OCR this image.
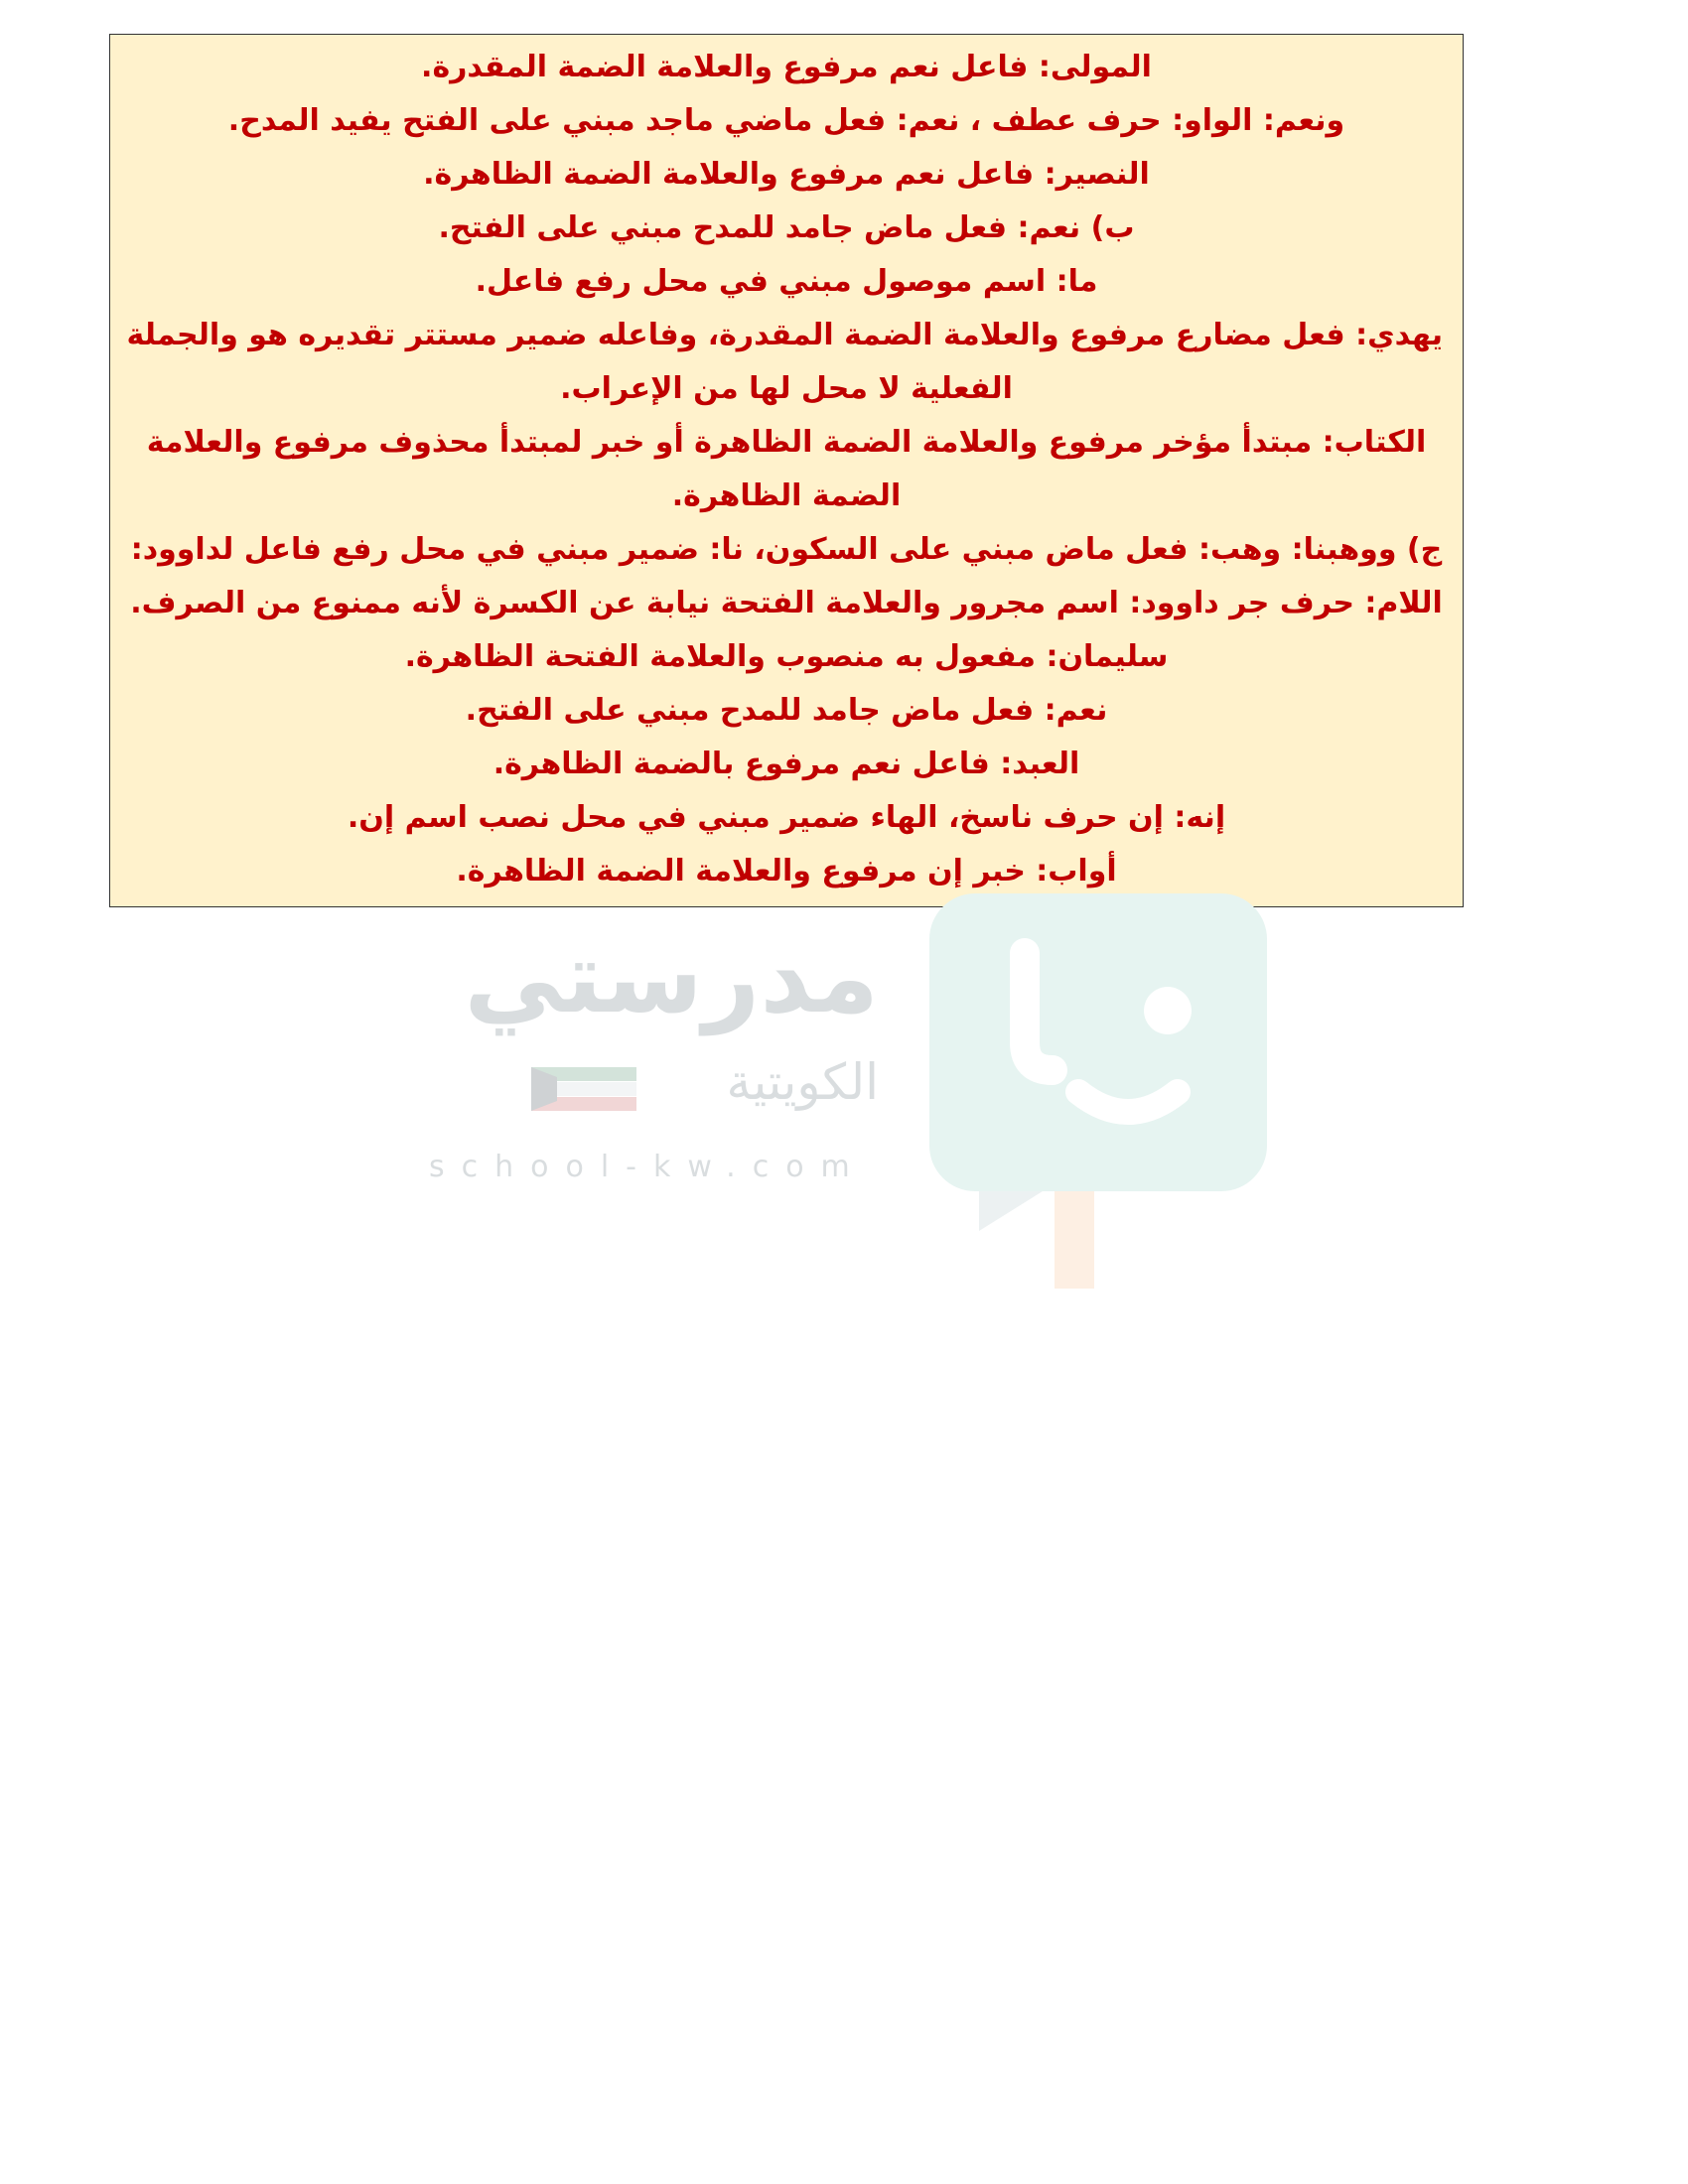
المولى: فاعل نعم مرفوع والعلامة الضمة المقدرة.

ونعم: الواو: حرف عطف ، نعم: فعل ماضي ماجد مبني على الفتح يفيد المدح.

النصير: فاعل نعم مرفوع والعلامة الضمة الظاهرة.

ب) نعم: فعل ماض جامد للمدح مبني على الفتح.

ما: اسم موصول مبني في محل رفع فاعل.

يهدي: فعل مضارع مرفوع والعلامة الضمة المقدرة، وفاعله ضمير مستتر تقديره هو والجملة

الفعلية لا محل لها من الإعراب.

الكتاب: مبتدأ مؤخر مرفوع والعلامة الضمة الظاهرة أو خبر لمبتدأ محذوف مرفوع والعلامة

الضمة الظاهرة.

ج) ووهبنا: وهب: فعل ماض مبني على السكون، نا: ضمير مبني في محل رفع فاعل لداوود:

اللام: حرف جر داوود: اسم مجرور والعلامة الفتحة نيابة عن الكسرة لأنه ممنوع من الصرف.

سليمان: مفعول به منصوب والعلامة الفتحة الظاهرة.

نعم: فعل ماض جامد للمدح مبني على الفتح.

العبد: فاعل نعم مرفوع بالضمة الظاهرة.

إنه: إن حرف ناسخ، الهاء ضمير مبني في محل نصب اسم إن.

أواب: خبر إن مرفوع والعلامة الضمة الظاهرة.

مدرستي
الكويتية
school-kw.com
